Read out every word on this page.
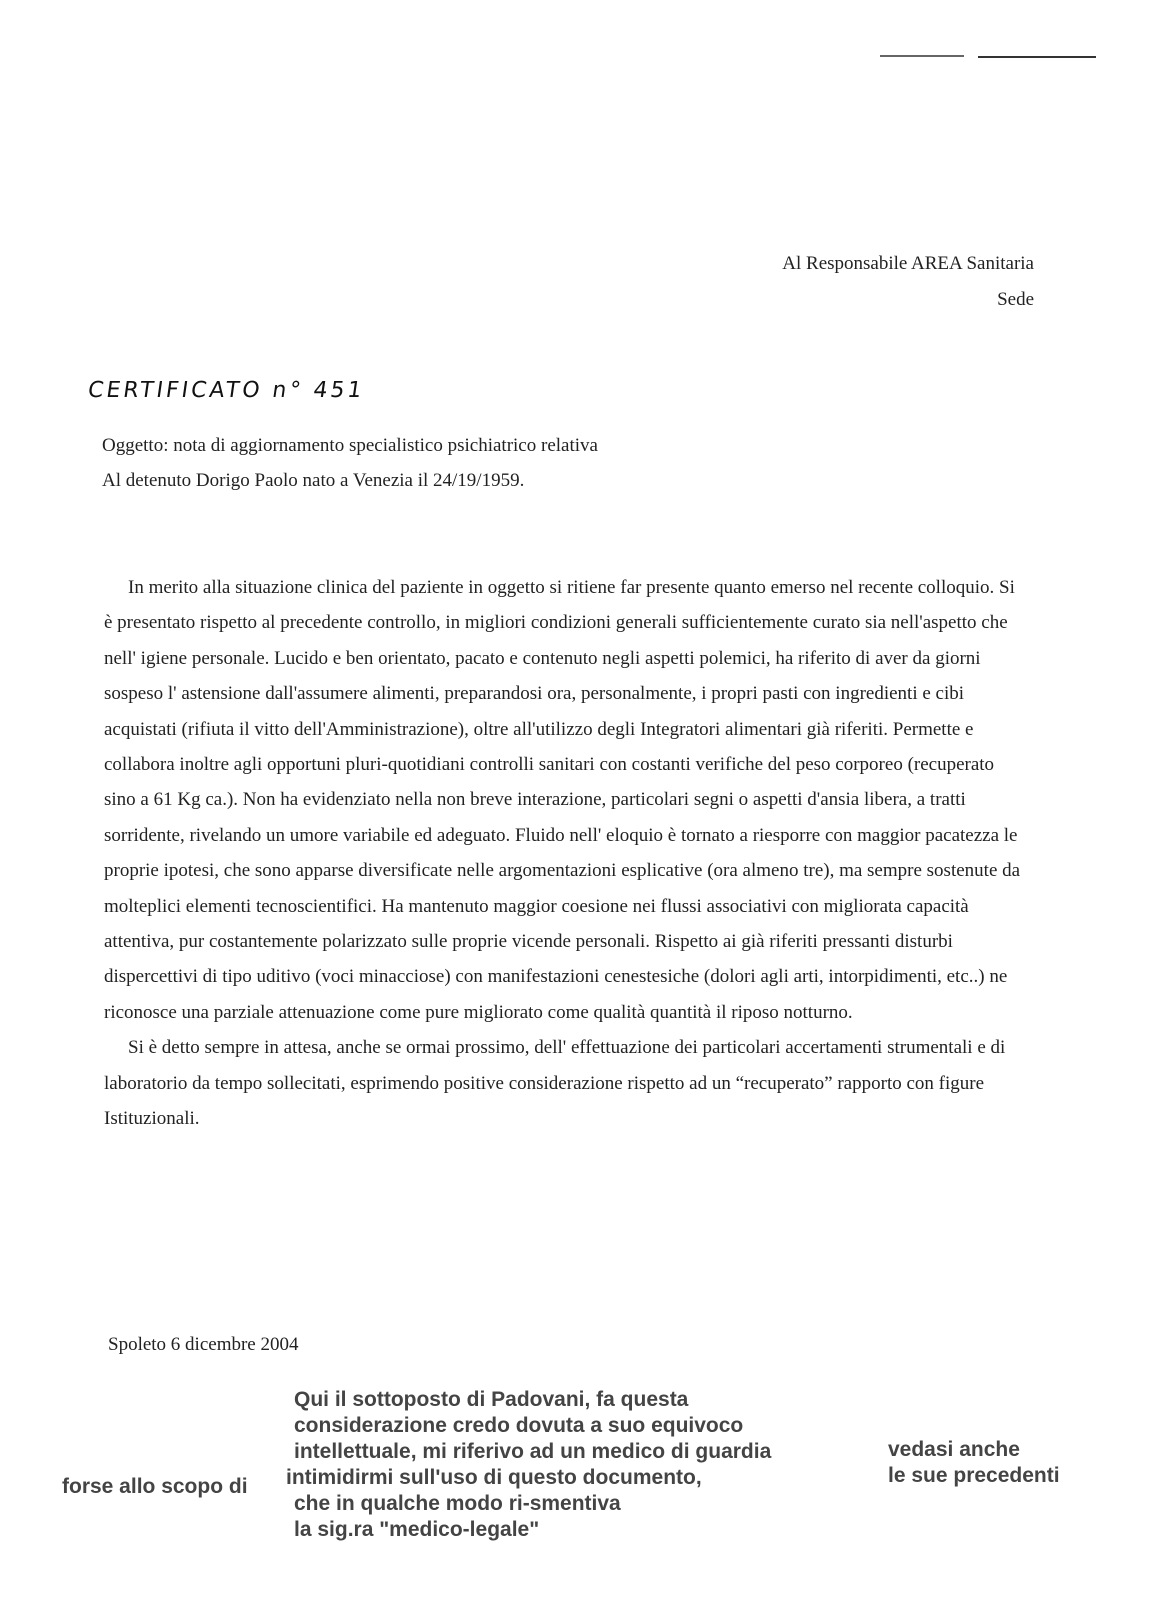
Al Responsabile AREA Sanitaria
Sede
CERTIFICATO n° 451
Oggetto: nota di aggiornamento specialistico psichiatrico relativa
Al detenuto Dorigo Paolo nato a Venezia il 24/19/1959.

In merito alla situazione clinica del paziente in oggetto si ritiene far presente quanto emerso nel recente colloquio. Si è presentato rispetto al precedente controllo, in migliori condizioni generali sufficientemente curato sia nell'aspetto che nell' igiene personale. Lucido e ben orientato, pacato e contenuto negli aspetti polemici, ha riferito di aver da giorni sospeso l' astensione dall'assumere alimenti, preparandosi ora, personalmente, i propri pasti con ingredienti e cibi acquistati (rifiuta il vitto dell'Amministrazione), oltre all'utilizzo degli Integratori alimentari già riferiti. Permette e collabora inoltre agli opportuni pluri-quotidiani controlli sanitari con costanti verifiche del peso corporeo (recuperato sino a 61 Kg ca.). Non ha evidenziato nella non breve interazione, particolari segni o aspetti d'ansia libera, a tratti sorridente, rivelando un umore variabile ed adeguato. Fluido nell' eloquio è tornato a riesporre con maggior pacatezza le proprie ipotesi, che sono apparse diversificate nelle argomentazioni esplicative (ora almeno tre), ma sempre sostenute da molteplici elementi tecnoscientifici. Ha mantenuto maggior coesione nei flussi associativi con migliorata capacità attentiva, pur costantemente polarizzato sulle proprie vicende personali. Rispetto ai già riferiti pressanti disturbi dispercettivi di tipo uditivo (voci minacciose) con manifestazioni cenestesiche (dolori agli arti, intorpidimenti, etc..) ne riconosce una parziale attenuazione come pure migliorato come qualità quantità il riposo notturno.

Si è detto sempre in attesa, anche se ormai prossimo, dell' effettuazione dei particolari accertamenti strumentali e di laboratorio da tempo sollecitati, esprimendo positive considerazione rispetto ad un “recuperato” rapporto con figure Istituzionali.

Spoleto 6 dicembre 2004
Qui il sottoposto di Padovani, fa questa
considerazione credo dovuta a suo equivoco
intellettuale, mi riferivo ad un medico di guardia
intimidirmi sull'uso di questo documento,
che in qualche modo ri-smentiva
la sig.ra "medico-legale"
forse allo scopo di
vedasi anche
le sue precedenti
